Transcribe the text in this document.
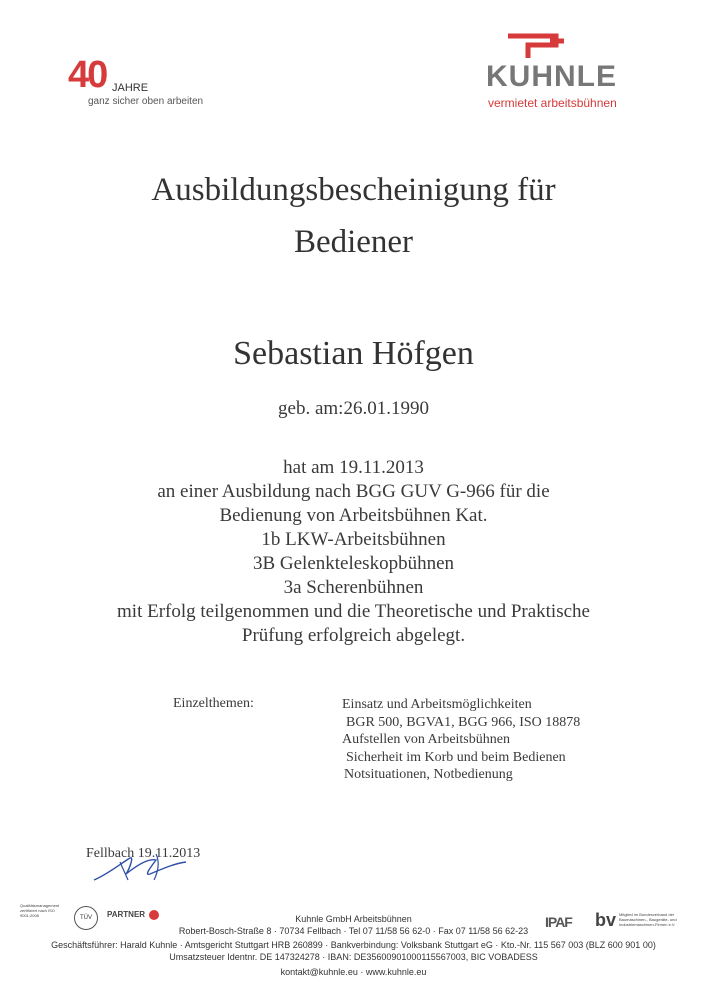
40 JAHRE
ganz sicher oben arbeiten
KUHNLE
vermietet arbeitsbühnen
Ausbildungsbescheinigung für
Bediener
Sebastian Höfgen
geb. am:26.01.1990
hat am 19.11.2013
an einer Ausbildung nach BGG GUV G-966 für die
Bedienung von Arbeitsbühnen Kat.
1b LKW-Arbeitsbühnen
3B Gelenkteleskopbühnen
3a Scherenbühnen
mit Erfolg teilgenommen und die Theoretische und Praktische
Prüfung erfolgreich abgelegt.
Einzelthemen:	Einsatz und Arbeitsmöglichkeiten
BGR 500, BGVA1, BGG 966, ISO 18878
Aufstellen von Arbeitsbühnen
Sicherheit im Korb und beim Bedienen
Notsituationen, Notbedienung
Fellbach 19.11.2013
Qualitätsmanagement zertifiziert nach ISO 9001:2008	TÜV	PARTNER	IPAF bv Mitglied im Bundesverband der Baumaschinen-, Baugeräte- und Industriemaschinen-Firmen e.V.
Kuhnle GmbH Arbeitsbühnen
Robert-Bosch-Straße 8 · 70734 Fellbach · Tel 07 11/58 56 62-0 · Fax 07 11/58 56 62-23
Geschäftsführer: Harald Kuhnle · Amtsgericht Stuttgart HRB 260899 · Bankverbindung: Volksbank Stuttgart eG · Kto.-Nr. 115 567 003 (BLZ 600 901 00)
Umsatzsteuer Identnr. DE 147324278 · IBAN: DE35600901000115567003, BIC VOBADESS
kontakt@kuhnle.eu · www.kuhnle.eu
